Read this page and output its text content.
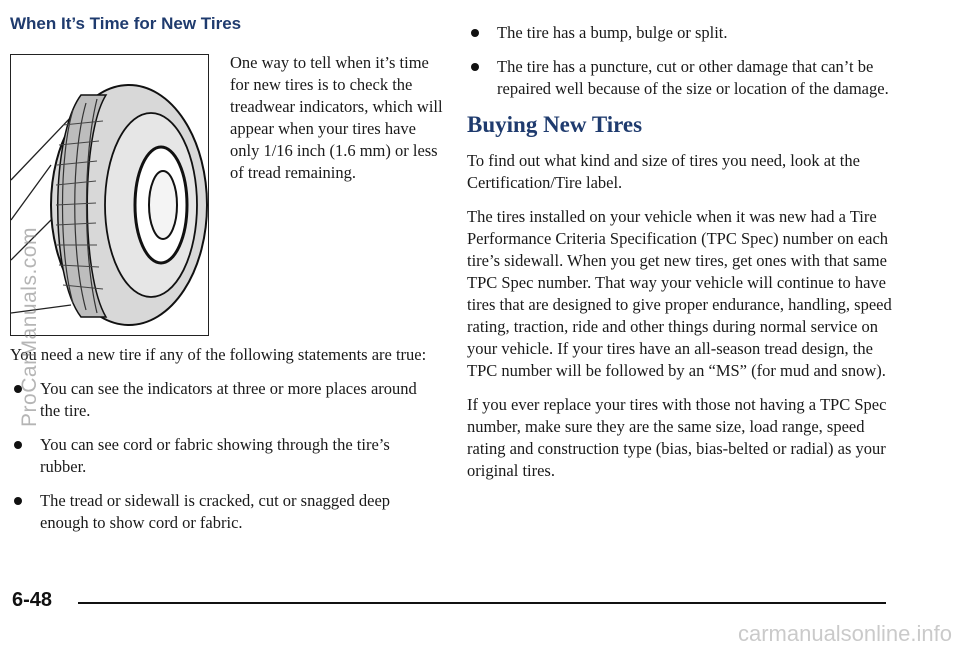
When It’s Time for New Tires

One way to tell when it’s time for new tires is to check the treadwear indicators, which will appear when your tires have only 1/16 inch (1.6 mm) or less of tread remaining.

You need a new tire if any of the following statements are true:

You can see the indicators at three or more places around the tire.
You can see cord or fabric showing through the tire’s rubber.
The tread or sidewall is cracked, cut or snagged deep enough to show cord or fabric.
The tire has a bump, bulge or split.
The tire has a puncture, cut or other damage that can’t be repaired well because of the size or location of the damage.
Buying New Tires

To find out what kind and size of tires you need, look at the Certification/Tire label.

The tires installed on your vehicle when it was new had a Tire Performance Criteria Specification (TPC Spec) number on each tire’s sidewall. When you get new tires, get ones with that same TPC Spec number. That way your vehicle will continue to have tires that are designed to give proper endurance, handling, speed rating, traction, ride and other things during normal service on your vehicle. If your tires have an all-season tread design, the TPC number will be followed by an “MS” (for mud and snow).

If you ever replace your tires with those not having a TPC Spec number, make sure they are the same size, load range, speed rating and construction type (bias, bias-belted or radial) as your original tires.

6-48
ProCarManuals.com
carmanualsonline.info
